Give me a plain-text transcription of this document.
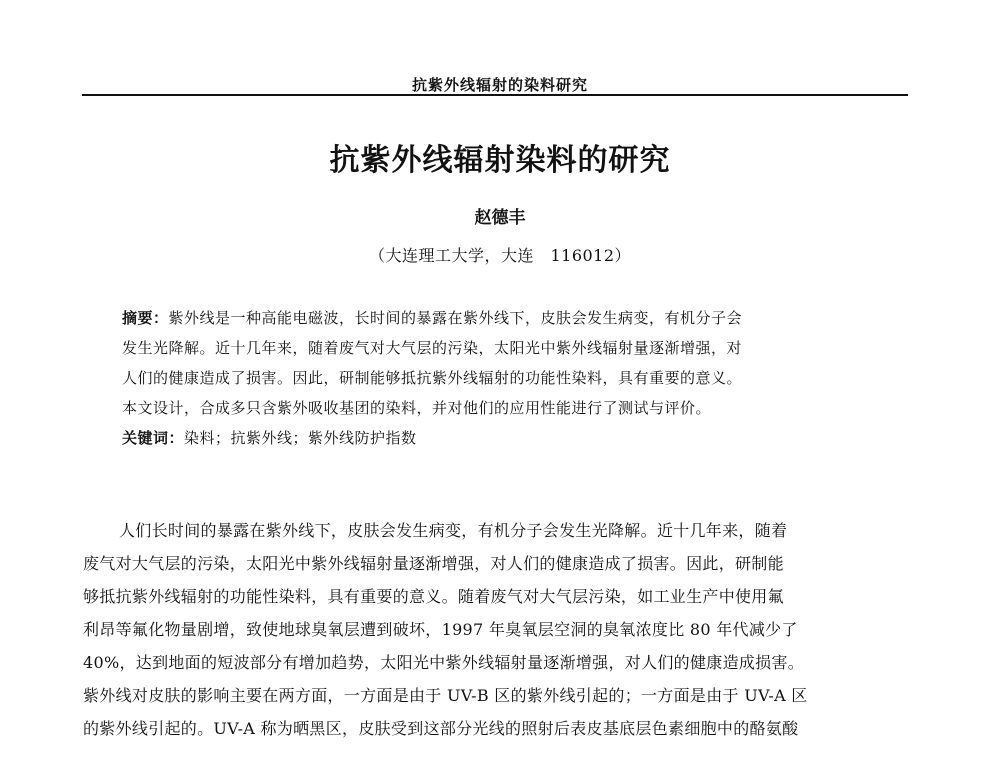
抗紫外线辐射的染料研究
抗紫外线辐射染料的研究
赵德丰
（大连理工大学，大连　116012）
摘要：紫外线是一种高能电磁波，长时间的暴露在紫外线下，皮肤会发生病变，有机分子会
发生光降解。近十几年来，随着废气对大气层的污染，太阳光中紫外线辐射量逐渐增强，对
人们的健康造成了损害。因此，研制能够抵抗紫外线辐射的功能性染料，具有重要的意义。
本文设计，合成多只含紫外吸收基团的染料，并对他们的应用性能进行了测试与评价。
关键词：染料；抗紫外线；紫外线防护指数
人们长时间的暴露在紫外线下，皮肤会发生病变，有机分子会发生光降解。近十几年来，随着
废气对大气层的污染，太阳光中紫外线辐射量逐渐增强，对人们的健康造成了损害。因此，研制能
够抵抗紫外线辐射的功能性染料，具有重要的意义。随着废气对大气层污染，如工业生产中使用氟
利昂等氟化物量剧增，致使地球臭氧层遭到破坏，1997 年臭氧层空洞的臭氧浓度比 80 年代减少了
40%，达到地面的短波部分有增加趋势，太阳光中紫外线辐射量逐渐增强，对人们的健康造成损害。
紫外线对皮肤的影响主要在两方面，一方面是由于 UV-B 区的紫外线引起的；一方面是由于 UV-A 区
的紫外线引起的。UV-A 称为晒黑区，皮肤受到这部分光线的照射后表皮基底层色素细胞中的酪氨酸
